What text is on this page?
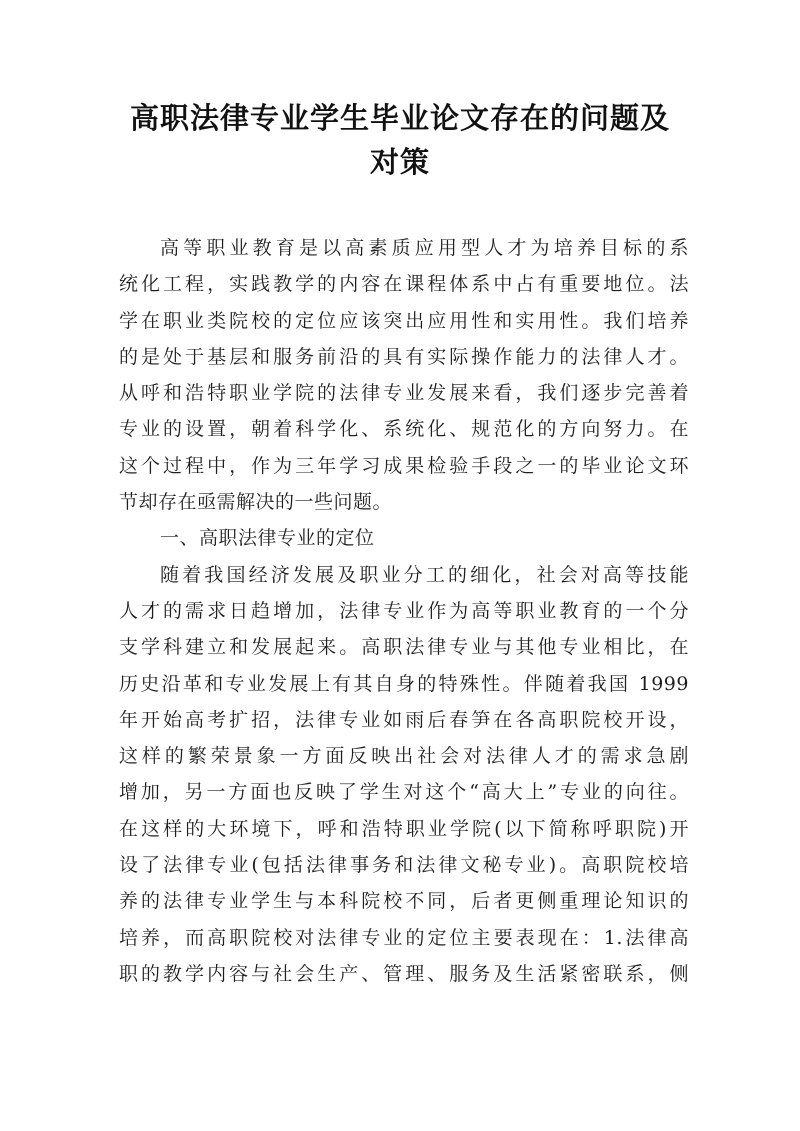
高职法律专业学生毕业论文存在的问题及
对策
高等职业教育是以高素质应用型人才为培养目标的系
统化工程，实践教学的内容在课程体系中占有重要地位。法
学在职业类院校的定位应该突出应用性和实用性。我们培养
的是处于基层和服务前沿的具有实际操作能力的法律人才。
从呼和浩特职业学院的法律专业发展来看，我们逐步完善着
专业的设置，朝着科学化、系统化、规范化的方向努力。在
这个过程中，作为三年学习成果检验手段之一的毕业论文环
节却存在亟需解决的一些问题。
一、高职法律专业的定位
随着我国经济发展及职业分工的细化，社会对高等技能
人才的需求日趋增加，法律专业作为高等职业教育的一个分
支学科建立和发展起来。高职法律专业与其他专业相比，在
历史沿革和专业发展上有其自身的特殊性。伴随着我国 1999
年开始高考扩招，法律专业如雨后春笋在各高职院校开设，
这样的繁荣景象一方面反映出社会对法律人才的需求急剧
增加，另一方面也反映了学生对这个“高大上”专业的向往。
在这样的大环境下，呼和浩特职业学院(以下简称呼职院)开
设了法律专业(包括法律事务和法律文秘专业)。高职院校培
养的法律专业学生与本科院校不同，后者更侧重理论知识的
培养，而高职院校对法律专业的定位主要表现在：1.法律高
职的教学内容与社会生产、管理、服务及生活紧密联系，侧
